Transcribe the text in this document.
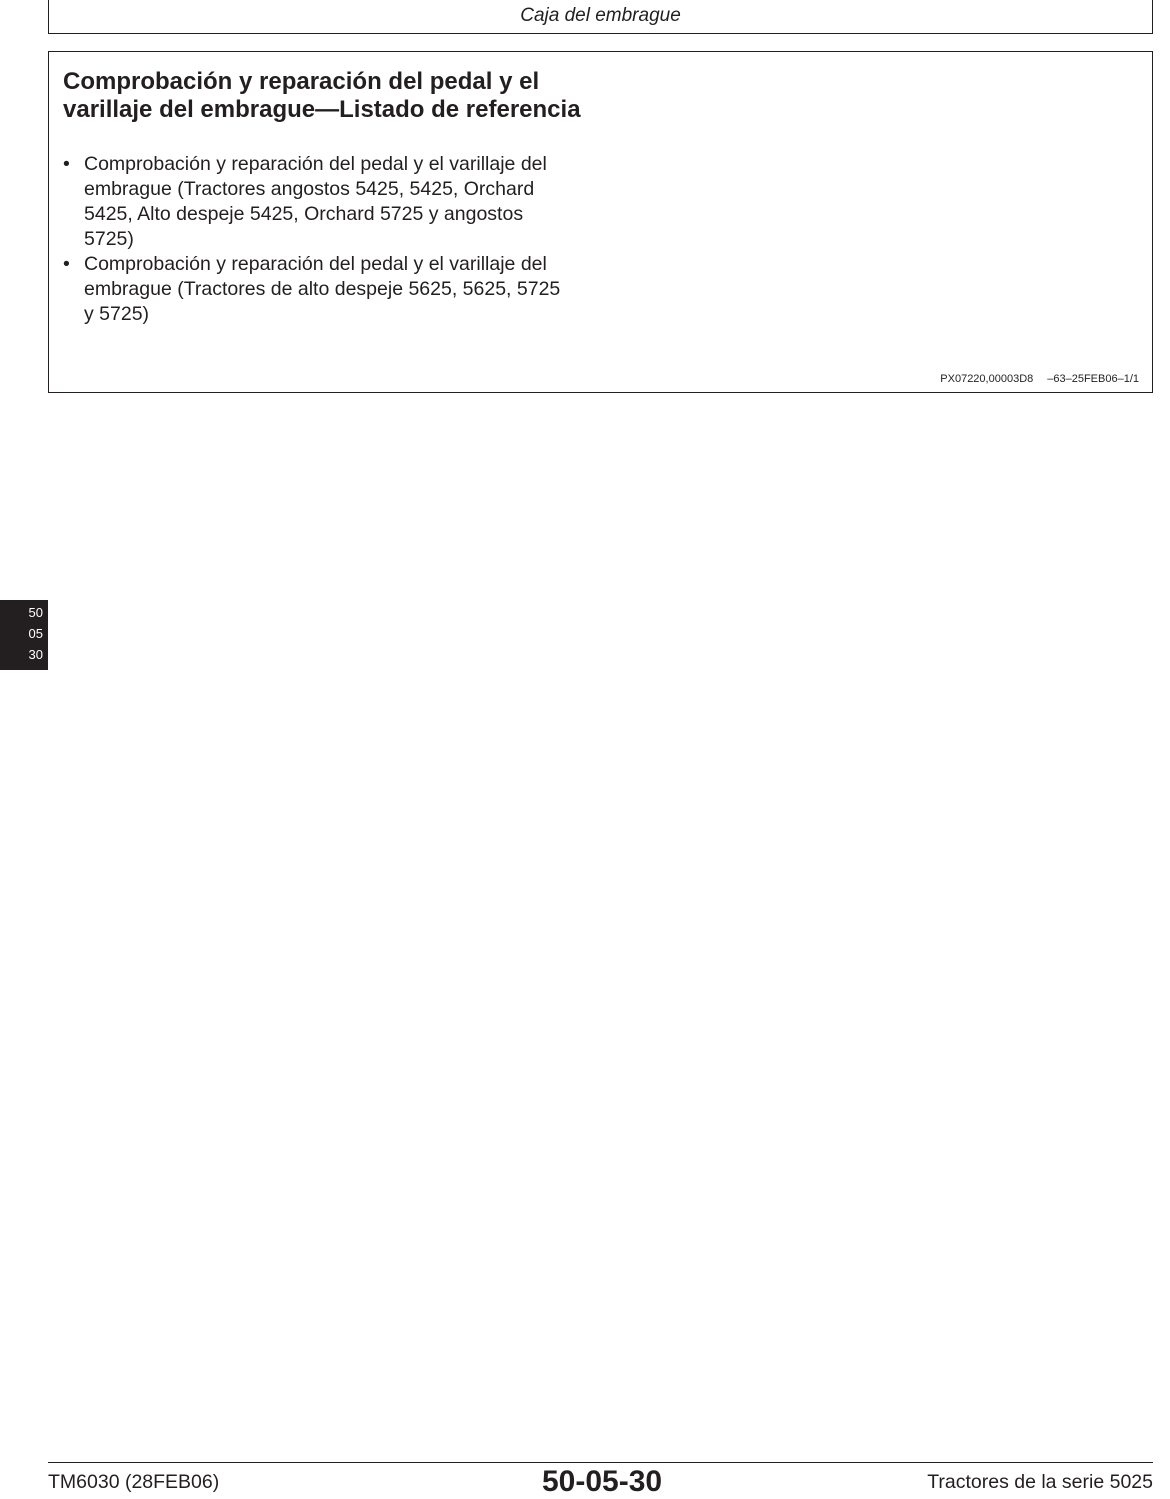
Caja del embrague
Comprobación y reparación del pedal y el
varillaje del embrague—Listado de referencia
• Comprobación y reparación del pedal y el varillaje del
embrague (Tractores angostos 5425, 5425, Orchard
5425, Alto despeje 5425, Orchard 5725 y angostos
5725)
• Comprobación y reparación del pedal y el varillaje del
embrague (Tractores de alto despeje 5625, 5625, 5725
y 5725)
PX07220,00003D8 –63–25FEB06–1/1
50
05
30
TM6030 (28FEB06)	50-05-30	Tractores de la serie 5025
